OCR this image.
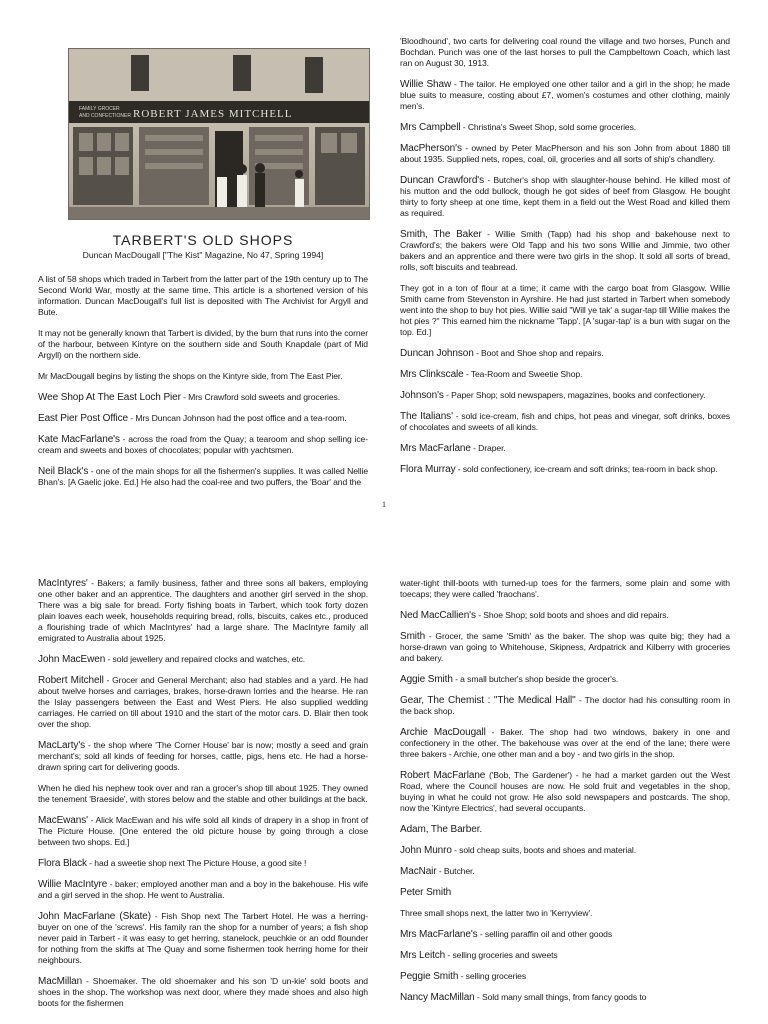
FAMILY GROCER
AND CONFECTIONER ROBERT JAMES MITCHELL

TARBERT'S OLD SHOPS

Duncan MacDougall ["The Kist" Magazine, No 47, Spring 1994]

A list of 58 shops which traded in Tarbert from the latter part of the 19th century up to The Second World War, mostly at the same time. This article is a shortened version of his information. Duncan MacDougall's full list is deposited with The Archivist for Argyll and Bute.

It may not be generally known that Tarbert is divided, by the burn that runs into the corner of the harbour, between Kintyre on the southern side and South Knapdale (part of Mid Argyll) on the northern side.

Mr MacDougall begins by listing the shops on the Kintyre side, from The East Pier.

Wee Shop At The East Loch Pier - Mrs Crawford sold sweets and groceries.

East Pier Post Office - Mrs Duncan Johnson had the post office and a tea-room.

Kate MacFarlane's - across the road from the Quay; a tearoom and shop selling ice-cream and sweets and boxes of chocolates; popular with yachtsmen.

Neil Black's - one of the main shops for all the fishermen's supplies. It was called Nellie Bhan's. [A Gaelic joke. Ed.] He also had the coal-ree and two puffers, the 'Boar' and the

'Bloodhound', two carts for delivering coal round the village and two horses, Punch and Bochdan. Punch was one of the last horses to pull the Campbeltown Coach, which last ran on August 30, 1913.

Willie Shaw - The tailor. He employed one other tailor and a girl in the shop; he made blue suits to measure, costing about £7, women's costumes and other clothing, mainly men's.

Mrs Campbell - Christina's Sweet Shop, sold some groceries.

MacPherson's - owned by Peter MacPherson and his son John from about 1880 till about 1935. Supplied nets, ropes, coal, oil, groceries and all sorts of ship's chandlery.

Duncan Crawford's - Butcher's shop with slaughter-house behind. He killed most of his mutton and the odd bullock, though he got sides of beef from Glasgow. He bought thirty to forty sheep at one time, kept them in a field out the West Road and killed them as required.

Smith, The Baker - Willie Smith (Tapp) had his shop and bakehouse next to Crawford's; the bakers were Old Tapp and his two sons Willie and Jimmie, two other bakers and an apprentice and there were two girls in the shop. It sold all sorts of bread, rolls, soft biscuits and teabread.

They got in a ton of flour at a time; it came with the cargo boat from Glasgow. Willie Smith came from Stevenston in Ayrshire. He had just started in Tarbert when somebody went into the shop to buy hot pies. Willie said "Will ye tak' a sugar-tap till Willie makes the hot pies ?" This earned him the nickname 'Tapp'. [A 'sugar-tap' is a bun with sugar on the top. Ed.]

Duncan Johnson - Boot and Shoe shop and repairs.

Mrs Clinkscale - Tea-Room and Sweetie Shop.

Johnson's - Paper Shop; sold newspapers, magazines, books and confectionery.

The Italians' - sold ice-cream, fish and chips, hot peas and vinegar, soft drinks, boxes of chocolates and sweets of all kinds.

Mrs MacFarlane - Draper.

Flora Murray - sold confectionery, ice-cream and soft drinks; tea-room in back shop.

1

MacIntyres' - Bakers; a family business, father and three sons all bakers, employing one other baker and an apprentice. The daughters and another girl served in the shop. There was a big sale for bread. Forty fishing boats in Tarbert, which took forty dozen plain loaves each week, households requiring bread, rolls, biscuits, cakes etc., produced a flourishing trade of which MacIntyres' had a large share. The MacIntyre family all emigrated to Australia about 1925.

John MacEwen - sold jewellery and repaired clocks and watches, etc.

Robert Mitchell - Grocer and General Merchant; also had stables and a yard. He had about twelve horses and carriages, brakes, horse-drawn lorries and the hearse. He ran the Islay passengers between the East and West Piers. He also supplied wedding carriages. He carried on till about 1910 and the start of the motor cars. D. Blair then took over the shop.

MacLarty's - the shop where 'The Corner House' bar is now; mostly a seed and grain merchant's; sold all kinds of feeding for horses, cattle, pigs, hens etc. He had a horse-drawn spring cart for delivering goods.

When he died his nephew took over and ran a grocer's shop till about 1925. They owned the tenement 'Braeside', with stores below and the stable and other buildings at the back.

MacEwans' - Alick MacEwan and his wife sold all kinds of drapery in a shop in front of The Picture House. [One entered the old picture house by going through a close between two shops. Ed.]

Flora Black - had a sweetie shop next The Picture House, a good site !

Willie MacIntyre - baker; employed another man and a boy in the bakehouse. His wife and a girl served in the shop. He went to Australia.

John MacFarlane (Skate) - Fish Shop next The Tarbert Hotel. He was a herring-buyer on one of the 'screws'. His family ran the shop for a number of years; a fish shop never paid in Tarbert - it was easy to get herring, stanelock, peuchkie or an odd flounder for nothing from the skiffs at The Quay and some fishermen took herring home for their neighbours.

MacMillan - Shoemaker. The old shoemaker and his son 'D un-kie' sold boots and shoes in the shop. The workshop was next door, where they made shoes and also high boots for the fishermen

water-tight thill-boots with turned-up toes for the farmers, some plain and some with toecaps; they were called 'fraochans'.

Ned MacCallien's - Shoe Shop; sold boots and shoes and did repairs.

Smith - Grocer, the same 'Smith' as the baker. The shop was quite big; they had a horse-drawn van going to Whitehouse, Skipness, Ardpatrick and Kilberry with groceries and bakery.

Aggie Smith - a small butcher's shop beside the grocer's.

Gear, The Chemist : "The Medical Hall" - The doctor had his consulting room in the back shop.

Archie MacDougall - Baker. The shop had two windows, bakery in one and confectionery in the other. The bakehouse was over at the end of the lane; there were three bakers - Archie, one other man and a boy - and two girls in the shop.

Robert MacFarlane ('Bob, The Gardener') - he had a market garden out the West Road, where the Council houses are now. He sold fruit and vegetables in the shop, buying in what he could not grow. He also sold newspapers and postcards. The shop, now the 'Kintyre Electrics', had several occupants.

Adam, The Barber.

John Munro - sold cheap suits, boots and shoes and material.

MacNair - Butcher.

Peter Smith

Three small shops next, the latter two in 'Kerryview'.

Mrs MacFarlane's - selling paraffin oil and other goods

Mrs Leitch - selling groceries and sweets

Peggie Smith - selling groceries

Nancy MacMillan - Sold many small things, from fancy goods to
